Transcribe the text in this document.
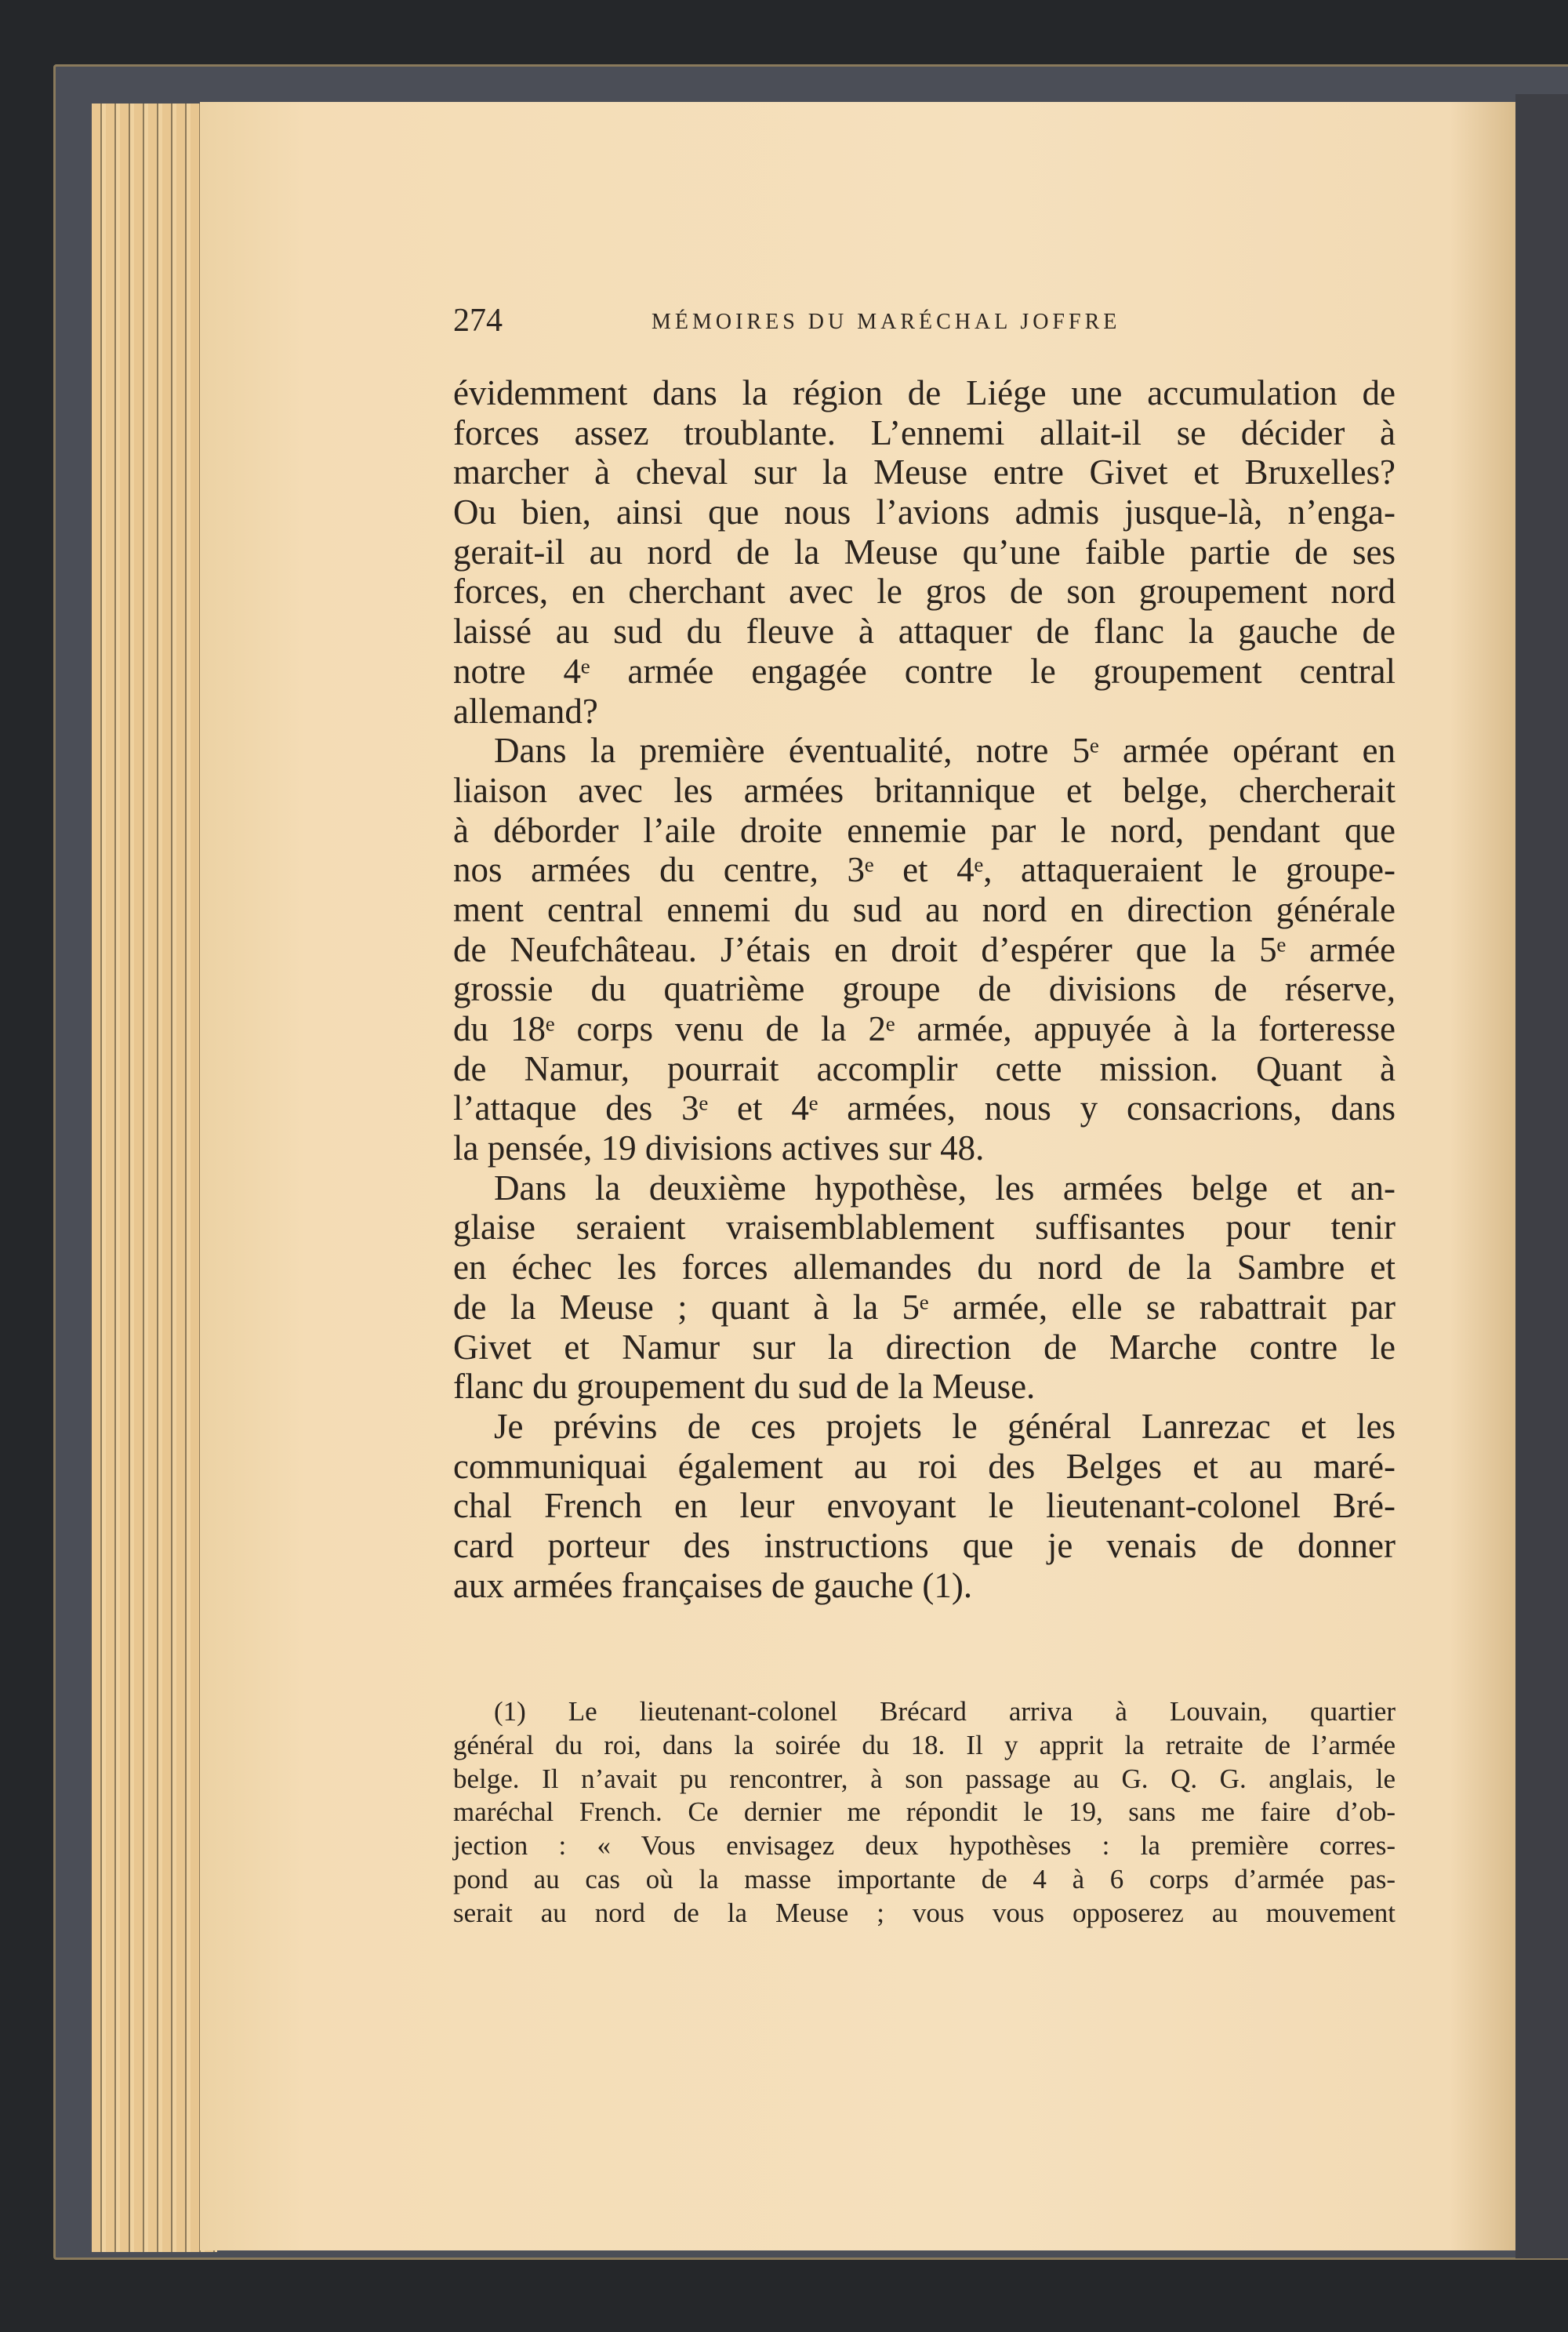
274	MÉMOIRES DU MARÉCHAL JOFFRE
évidemment dans la région de Liége une accumulation de
forces assez troublante. L’ennemi allait-il se décider à
marcher à cheval sur la Meuse entre Givet et Bruxelles?
Ou bien, ainsi que nous l’avions admis jusque-là, n’enga-
gerait-il au nord de la Meuse qu’une faible partie de ses
forces, en cherchant avec le gros de son groupement nord
laissé au sud du fleuve à attaquer de flanc la gauche de
notre 4ᵉ armée engagée contre le groupement central
allemand?
Dans la première éventualité, notre 5ᵉ armée opérant en
liaison avec les armées britannique et belge, chercherait
à déborder l’aile droite ennemie par le nord, pendant que
nos armées du centre, 3ᵉ et 4ᵉ, attaqueraient le groupe-
ment central ennemi du sud au nord en direction générale
de Neufchâteau. J’étais en droit d’espérer que la 5ᵉ armée
grossie du quatrième groupe de divisions de réserve,
du 18ᵉ corps venu de la 2ᵉ armée, appuyée à la forteresse
de Namur, pourrait accomplir cette mission. Quant à
l’attaque des 3ᵉ et 4ᵉ armées, nous y consacrions, dans
la pensée, 19 divisions actives sur 48.
Dans la deuxième hypothèse, les armées belge et an-
glaise seraient vraisemblablement suffisantes pour tenir
en échec les forces allemandes du nord de la Sambre et
de la Meuse ; quant à la 5ᵉ armée, elle se rabattrait par
Givet et Namur sur la direction de Marche contre le
flanc du groupement du sud de la Meuse.
Je prévins de ces projets le général Lanrezac et les
communiquai également au roi des Belges et au maré-
chal French en leur envoyant le lieutenant-colonel Bré-
card porteur des instructions que je venais de donner
aux armées françaises de gauche (1).
(1) Le lieutenant-colonel Brécard arriva à Louvain, quartier
général du roi, dans la soirée du 18. Il y apprit la retraite de l’armée
belge. Il n’avait pu rencontrer, à son passage au G. Q. G. anglais, le
maréchal French. Ce dernier me répondit le 19, sans me faire d’ob-
jection : « Vous envisagez deux hypothèses : la première corres-
pond au cas où la masse importante de 4 à 6 corps d’armée pas-
serait au nord de la Meuse ; vous vous opposerez au mouvement
